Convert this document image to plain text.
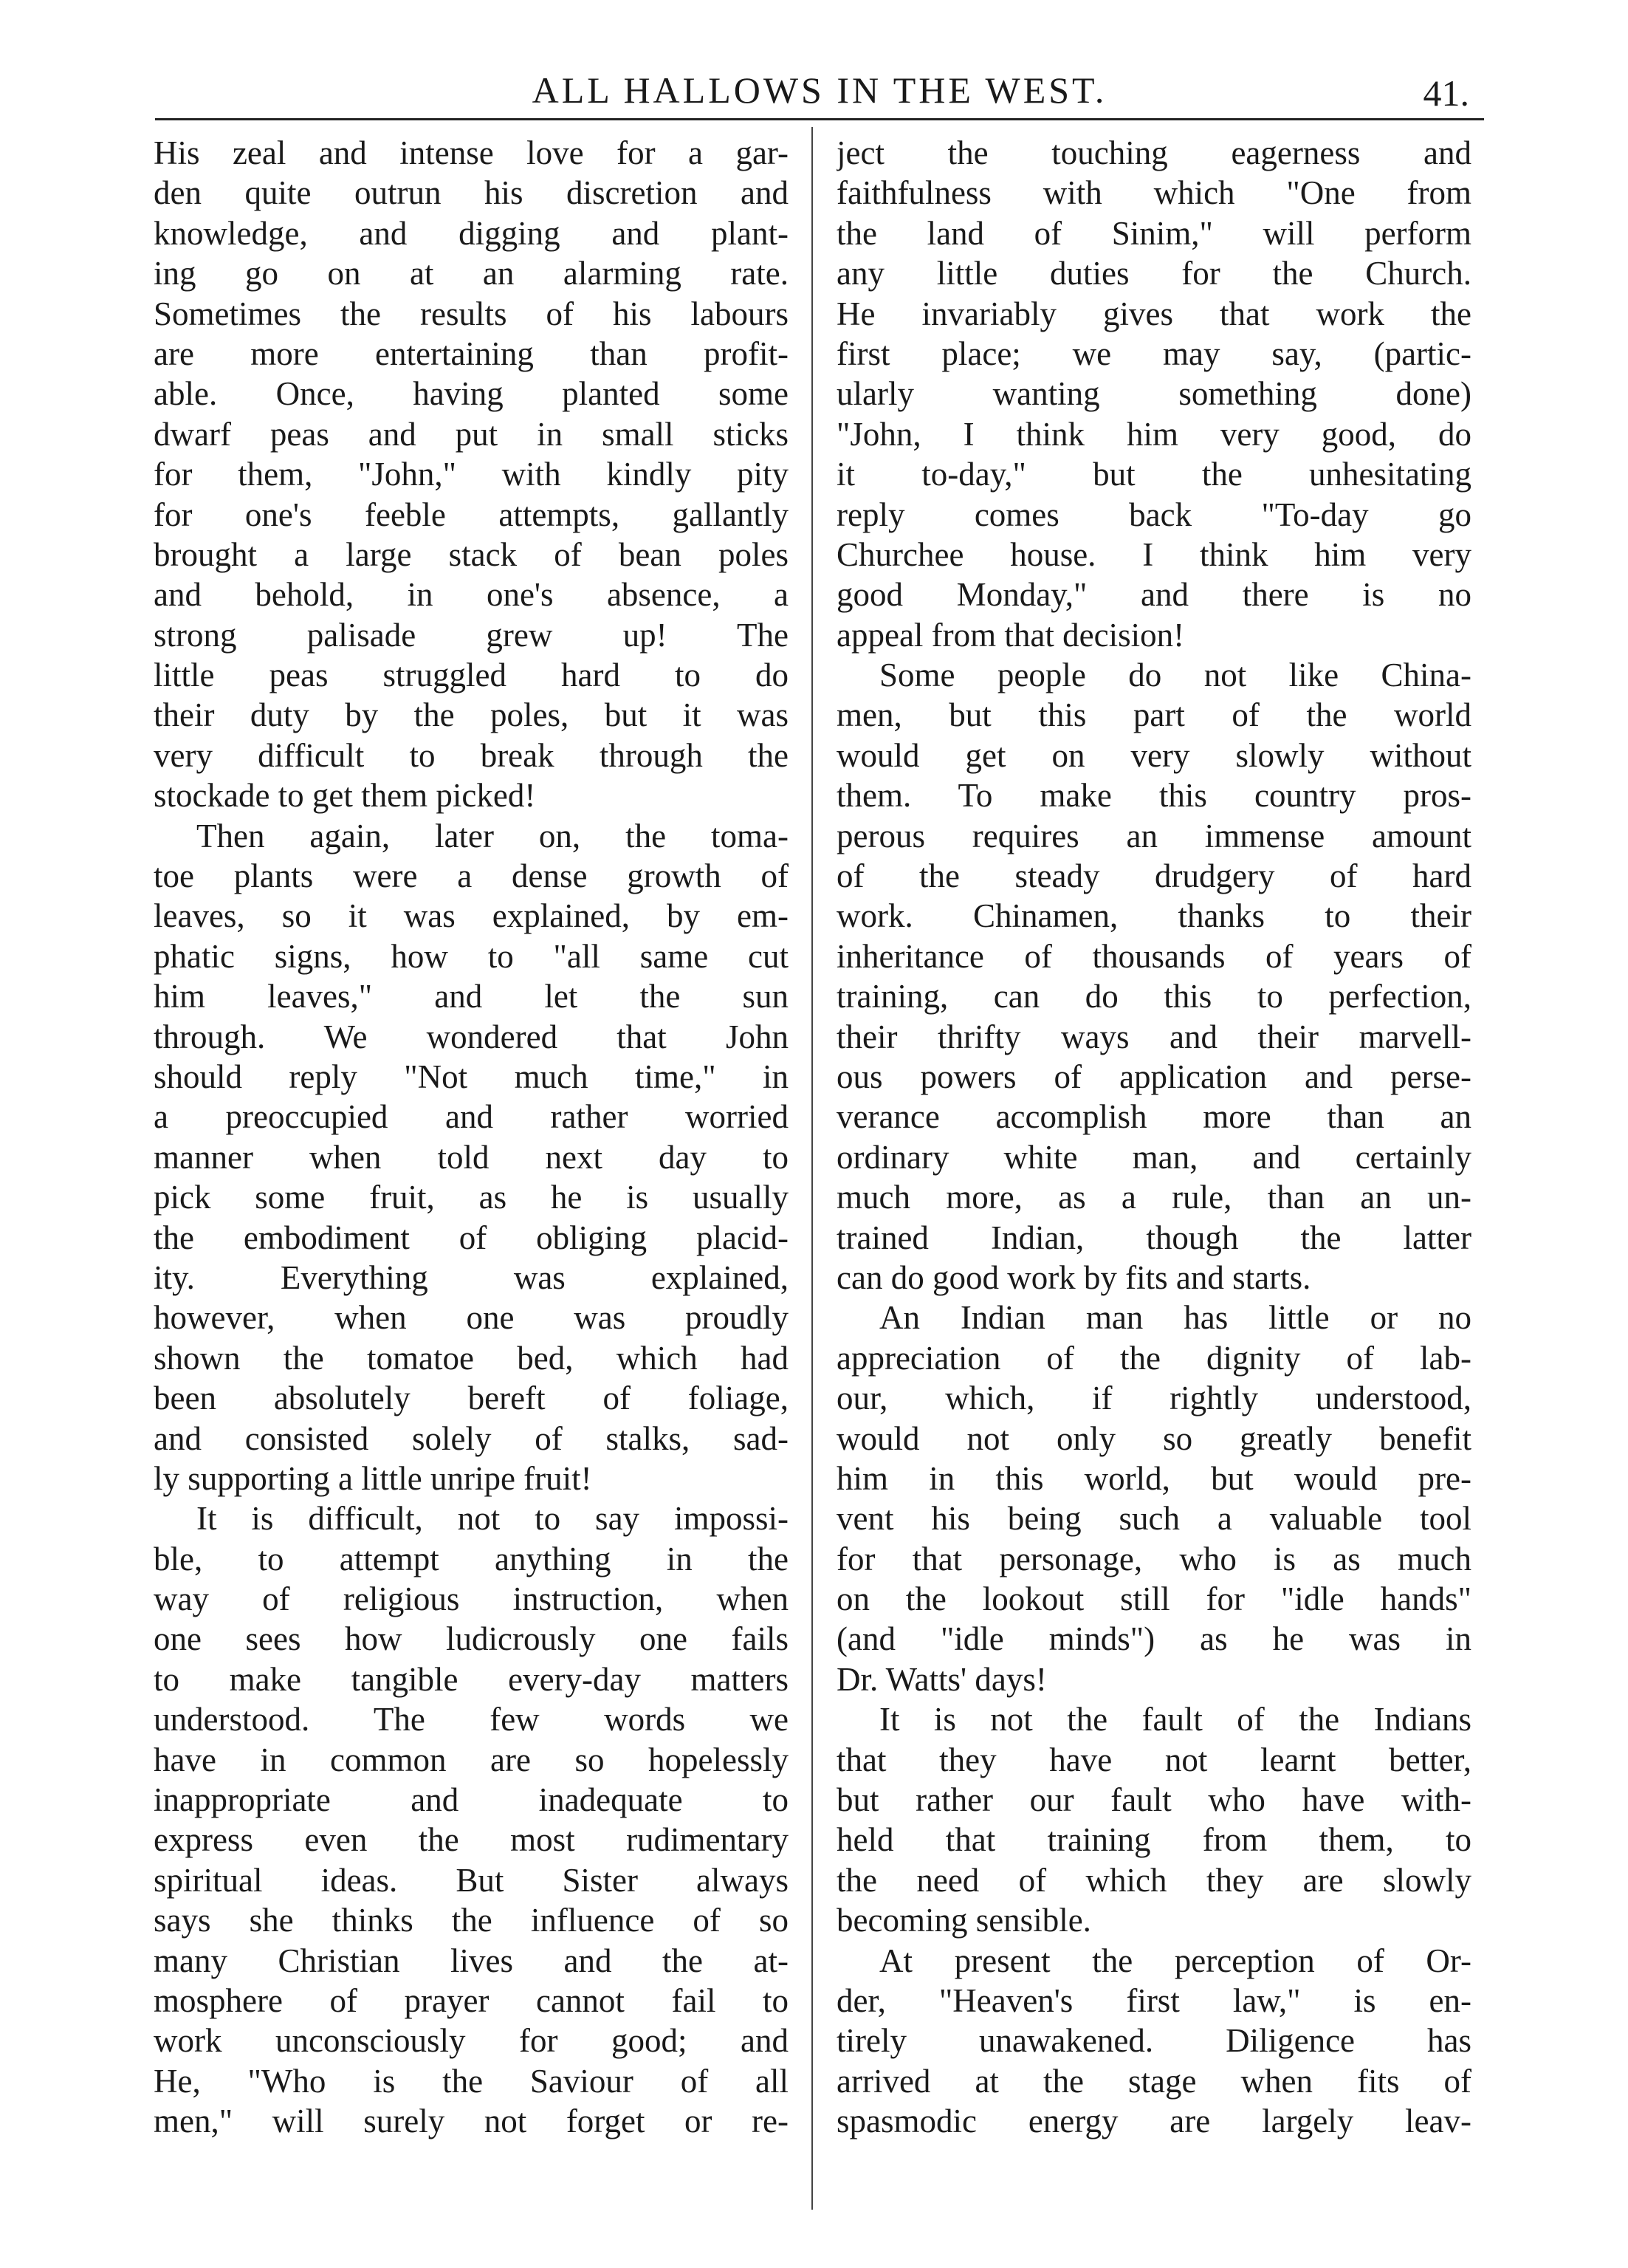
ALL HALLOWS IN THE WEST.	41.
His zeal and intense love for a gar-
den quite outrun his discretion and
knowledge, and digging and plant-
ing go on at an alarming rate.
Sometimes the results of his labours
are more entertaining than profit-
able. Once, having planted some
dwarf peas and put in small sticks
for them, "John," with kindly pity
for one's feeble attempts, gallantly
brought a large stack of bean poles
and behold, in one's absence, a
strong palisade grew up! The
little peas struggled hard to do
their duty by the poles, but it was
very difficult to break through the
stockade to get them picked!
Then again, later on, the toma-
toe plants were a dense growth of
leaves, so it was explained, by em-
phatic signs, how to "all same cut
him leaves," and let the sun
through. We wondered that John
should reply "Not much time," in
a preoccupied and rather worried
manner when told next day to
pick some fruit, as he is usually
the embodiment of obliging placid-
ity. Everything was explained,
however, when one was proudly
shown the tomatoe bed, which had
been absolutely bereft of foliage,
and consisted solely of stalks, sad-
ly supporting a little unripe fruit!
It is difficult, not to say impossi-
ble, to attempt anything in the
way of religious instruction, when
one sees how ludicrously one fails
to make tangible every-day matters
understood. The few words we
have in common are so hopelessly
inappropriate and inadequate to
express even the most rudimentary
spiritual ideas. But Sister always
says she thinks the influence of so
many Christian lives and the at-
mosphere of prayer cannot fail to
work unconsciously for good; and
He, "Who is the Saviour of all
men," will surely not forget or re-
ject the touching eagerness and
faithfulness with which "One from
the land of Sinim," will perform
any little duties for the Church.
He invariably gives that work the
first place; we may say, (partic-
ularly wanting something done)
"John, I think him very good, do
it to-day," but the unhesitating
reply comes back "To-day go
Churchee house. I think him very
good Monday," and there is no
appeal from that decision!
Some people do not like China-
men, but this part of the world
would get on very slowly without
them. To make this country pros-
perous requires an immense amount
of the steady drudgery of hard
work. Chinamen, thanks to their
inheritance of thousands of years of
training, can do this to perfection,
their thrifty ways and their marvell-
ous powers of application and perse-
verance accomplish more than an
ordinary white man, and certainly
much more, as a rule, than an un-
trained Indian, though the latter
can do good work by fits and starts.
An Indian man has little or no
appreciation of the dignity of lab-
our, which, if rightly understood,
would not only so greatly benefit
him in this world, but would pre-
vent his being such a valuable tool
for that personage, who is as much
on the lookout still for "idle hands"
(and "idle minds") as he was in
Dr. Watts' days!
It is not the fault of the Indians
that they have not learnt better,
but rather our fault who have with-
held that training from them, to
the need of which they are slowly
becoming sensible.
At present the perception of Or-
der, "Heaven's first law," is en-
tirely unawakened. Diligence has
arrived at the stage when fits of
spasmodic energy are largely leav-
